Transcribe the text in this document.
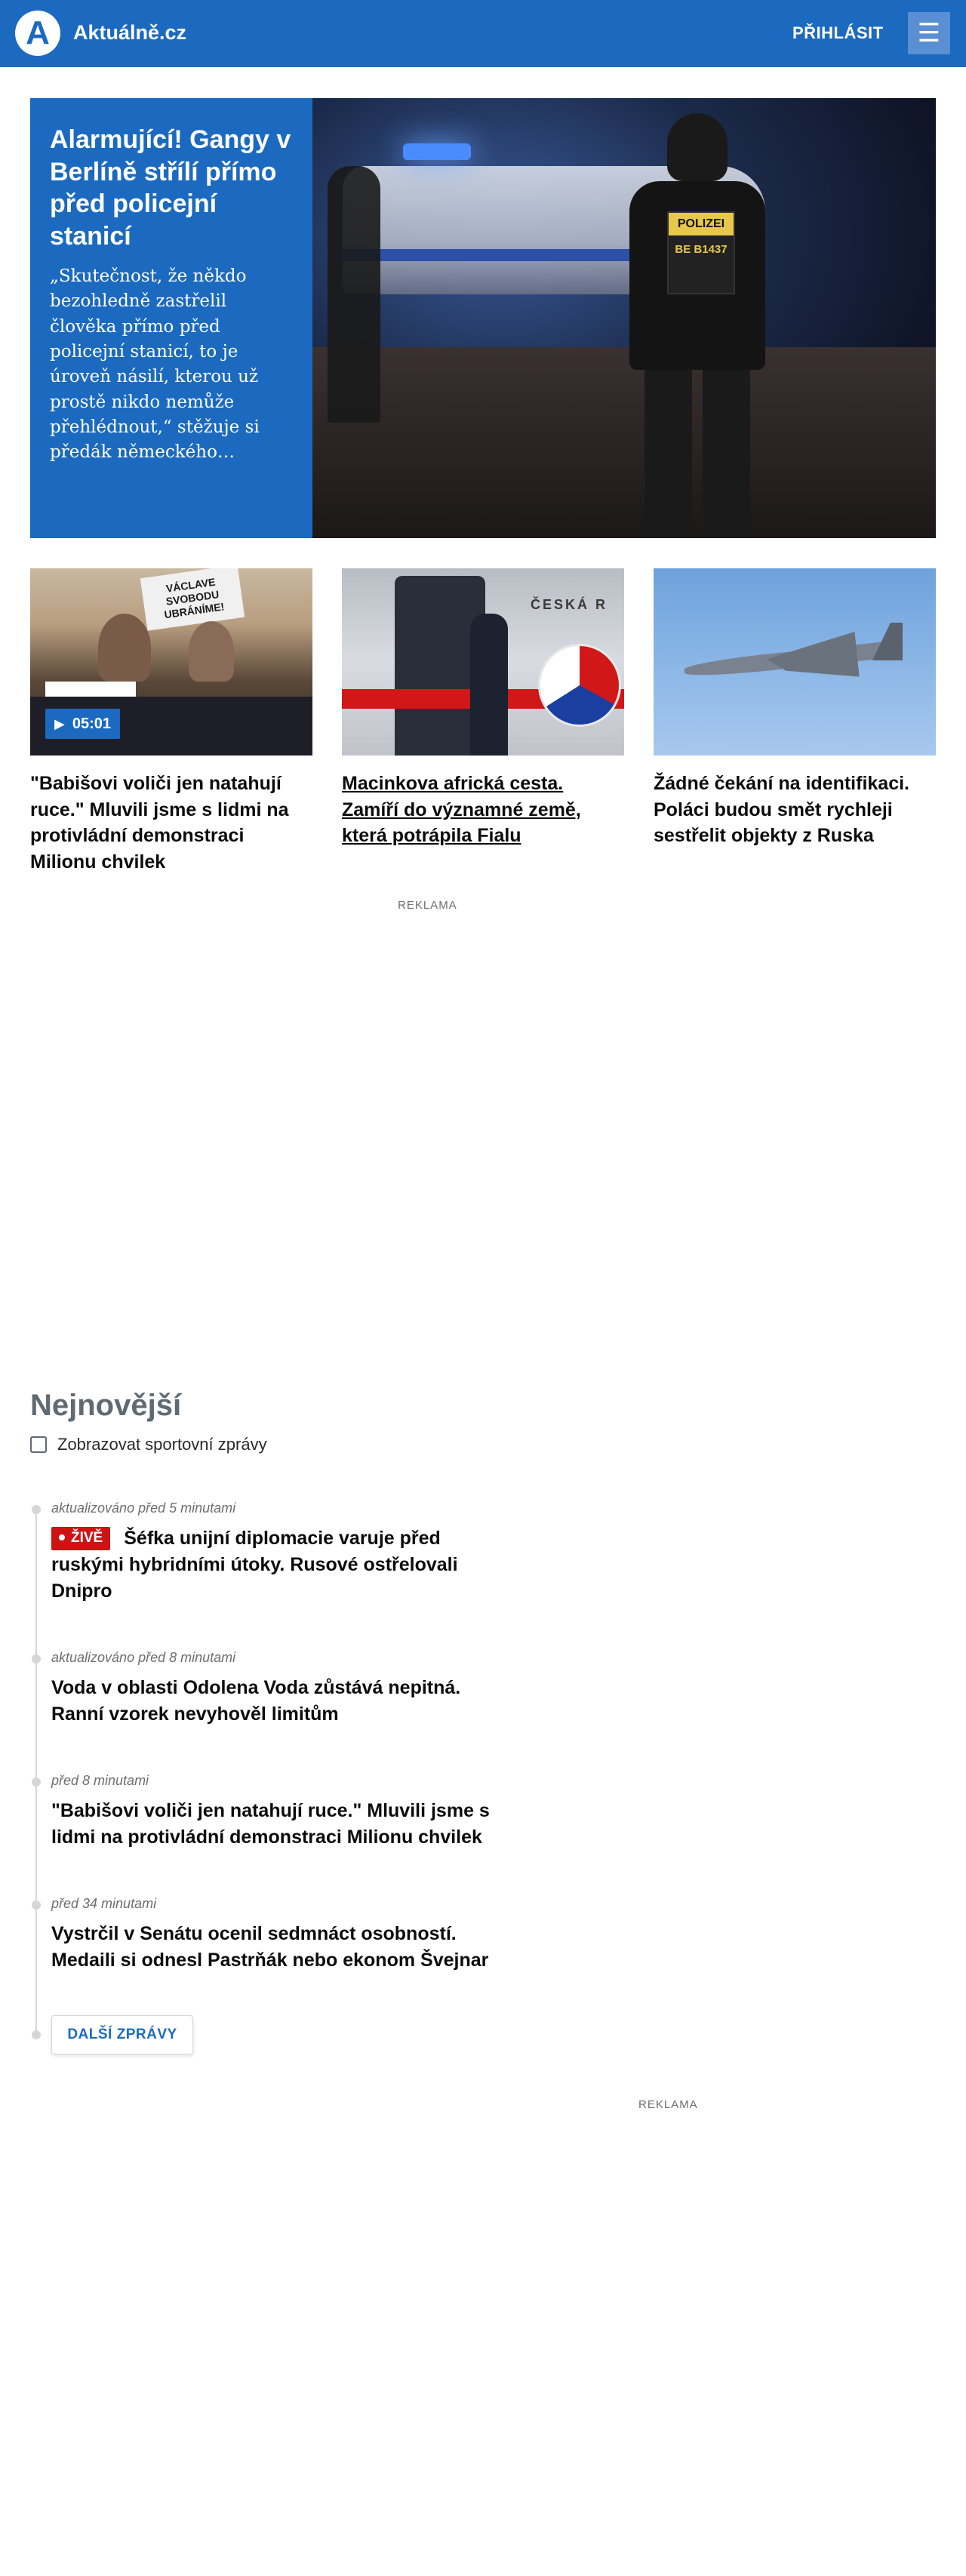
A Aktuálně.cz	PŘIHLÁSIT ☰
Alarmující! Gangy v Berlíně střílí přímo před policejní stanicí
„Skutečnost, že někdo bezohledně zastřelil člověka přímo před policejní stanicí, to je úroveň násilí, kterou už prostě nikdo nemůže přehlédnout,“ stěžuje si předák německého…
POLIZEI
BE B1437
VÁCLAVE SVOBODU UBRÁNÍME!
▶ 05:01
"Babišovi voliči jen natahují ruce." Mluvili jsme s lidmi na protivládní demonstraci Milionu chvilek
ČESKÁ R
Macinkova africká cesta. Zamíří do významné země, která potrápila Fialu
Žádné čekání na identifikaci. Poláci budou smět rychleji sestřelit objekty z Ruska
REKLAMA
Nejnovější
Zobrazovat sportovní zprávy
aktualizováno před 5 minutami
ŽIVĚ Šéfka unijní diplomacie varuje před ruskými hybridními útoky. Rusové ostřelovali Dnipro
aktualizováno před 8 minutami
Voda v oblasti Odolena Voda zůstává nepitná. Ranní vzorek nevyhověl limitům
před 8 minutami
"Babišovi voliči jen natahují ruce." Mluvili jsme s lidmi na protivládní demonstraci Milionu chvilek
před 34 minutami
Vystrčil v Senátu ocenil sedmnáct osobností. Medaili si odnesl Pastrňák nebo ekonom Švejnar
DALŠÍ ZPRÁVY
REKLAMA
